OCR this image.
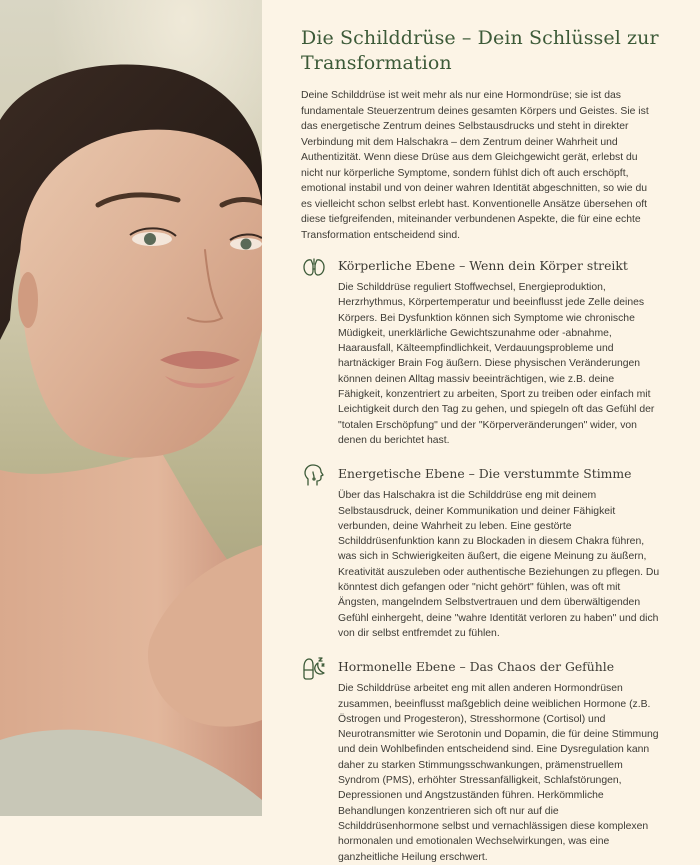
Die Schilddrüse – Dein Schlüssel zur Transformation

Deine Schilddrüse ist weit mehr als nur eine Hormondrüse; sie ist das fundamentale Steuerzentrum deines gesamten Körpers und Geistes. Sie ist das energetische Zentrum deines Selbstausdrucks und steht in direkter Verbindung mit dem Halschakra – dem Zentrum deiner Wahrheit und Authentizität. Wenn diese Drüse aus dem Gleichgewicht gerät, erlebst du nicht nur körperliche Symptome, sondern fühlst dich oft auch erschöpft, emotional instabil und von deiner wahren Identität abgeschnitten, so wie du es vielleicht schon selbst erlebt hast. Konventionelle Ansätze übersehen oft diese tiefgreifenden, miteinander verbundenen Aspekte, die für eine echte Transformation entscheidend sind.

Körperliche Ebene – Wenn dein Körper streikt

Die Schilddrüse reguliert Stoffwechsel, Energieproduktion, Herzrhythmus, Körpertemperatur und beeinflusst jede Zelle deines Körpers. Bei Dysfunktion können sich Symptome wie chronische Müdigkeit, unerklärliche Gewichtszunahme oder -abnahme, Haarausfall, Kälteempfindlichkeit, Verdauungsprobleme und hartnäckiger Brain Fog äußern. Diese physischen Veränderungen können deinen Alltag massiv beeinträchtigen, wie z.B. deine Fähigkeit, konzentriert zu arbeiten, Sport zu treiben oder einfach mit Leichtigkeit durch den Tag zu gehen, und spiegeln oft das Gefühl der "totalen Erschöpfung" und der "Körperveränderungen" wider, von denen du berichtet hast.

Energetische Ebene – Die verstummte Stimme

Über das Halschakra ist die Schilddrüse eng mit deinem Selbstausdruck, deiner Kommunikation und deiner Fähigkeit verbunden, deine Wahrheit zu leben. Eine gestörte Schilddrüsenfunktion kann zu Blockaden in diesem Chakra führen, was sich in Schwierigkeiten äußert, die eigene Meinung zu äußern, Kreativität auszuleben oder authentische Beziehungen zu pflegen. Du könntest dich gefangen oder "nicht gehört" fühlen, was oft mit Ängsten, mangelndem Selbstvertrauen und dem überwältigenden Gefühl einhergeht, deine "wahre Identität verloren zu haben" und dich von dir selbst entfremdet zu fühlen.

Hormonelle Ebene – Das Chaos der Gefühle

Die Schilddrüse arbeitet eng mit allen anderen Hormondrüsen zusammen, beeinflusst maßgeblich deine weiblichen Hormone (z.B. Östrogen und Progesteron), Stresshormone (Cortisol) und Neurotransmitter wie Serotonin und Dopamin, die für deine Stimmung und dein Wohlbefinden entscheidend sind. Eine Dysregulation kann daher zu starken Stimmungsschwankungen, prämenstruellem Syndrom (PMS), erhöhter Stressanfälligkeit, Schlafstörungen, Depressionen und Angstzuständen führen. Herkömmliche Behandlungen konzentrieren sich oft nur auf die Schilddrüsenhormone selbst und vernachlässigen diese komplexen hormonalen und emotionalen Wechselwirkungen, was eine ganzheitliche Heilung erschwert.
